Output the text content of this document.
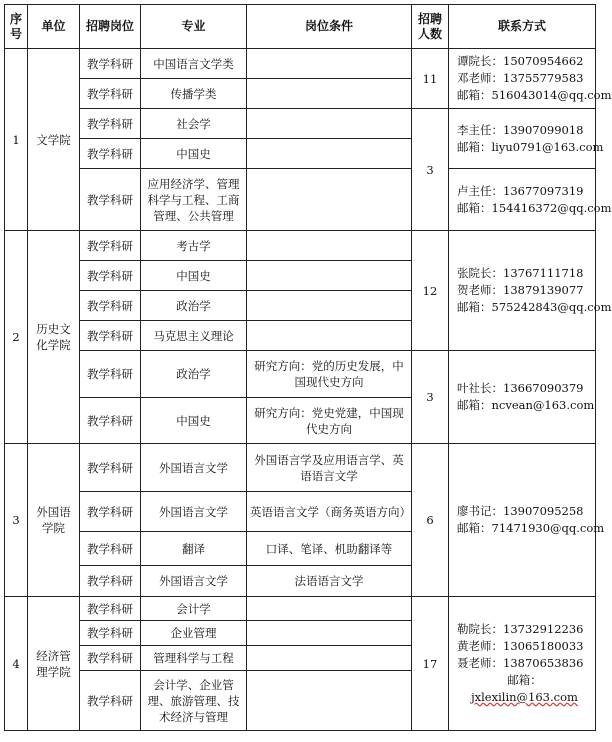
序号	单位	招聘岗位	专业	岗位条件	招聘人数	联系方式
1	文学院	教学科研	中国语言文学类		11	谭院长：15070954662
邓老师：13755779583
邮箱：516043014@qq.com

		教学科研	传播学类			
		教学科研	社会学		3	李主任：13907099018
邮箱：liyu0791@163.com

		教学科研	中国史			
		教学科研	应用经济学、管理科学与工程、工商管理、公共管理			卢主任：13677097319
邮箱：154416372@qq.com

2	历史文化学院	教学科研	考古学		12	张院长：13767111718
贺老师：13879139077
邮箱：575242843@qq.com

		教学科研	中国史			
		教学科研	政治学			
		教学科研	马克思主义理论			
		教学科研	政治学	研究方向：党的历史发展，中国现代史方向	3	叶社长：13667090379
邮箱：ncvean@163.com

		教学科研	中国史	研究方向：党史党建，中国现代史方向		
3	外国语学院	教学科研	外国语言文学	外国语言学及应用语言学、英语语言文学	6	廖书记：13907095258
邮箱：71471930@qq.com

		教学科研	外国语言文学	英语语言文学（商务英语方向）		
		教学科研	翻译	口译、笔译、机助翻译等		
		教学科研	外国语言文学	法语语言文学		
4	经济管理学院	教学科研	会计学		17	勒院长：13732912236
黄老师：13065180033
聂老师：13870653836
邮箱：
jxlexilin@163.com

		教学科研	企业管理			
		教学科研	管理科学与工程			
		教学科研	会计学、企业管理、旅游管理、技术经济与管理			
